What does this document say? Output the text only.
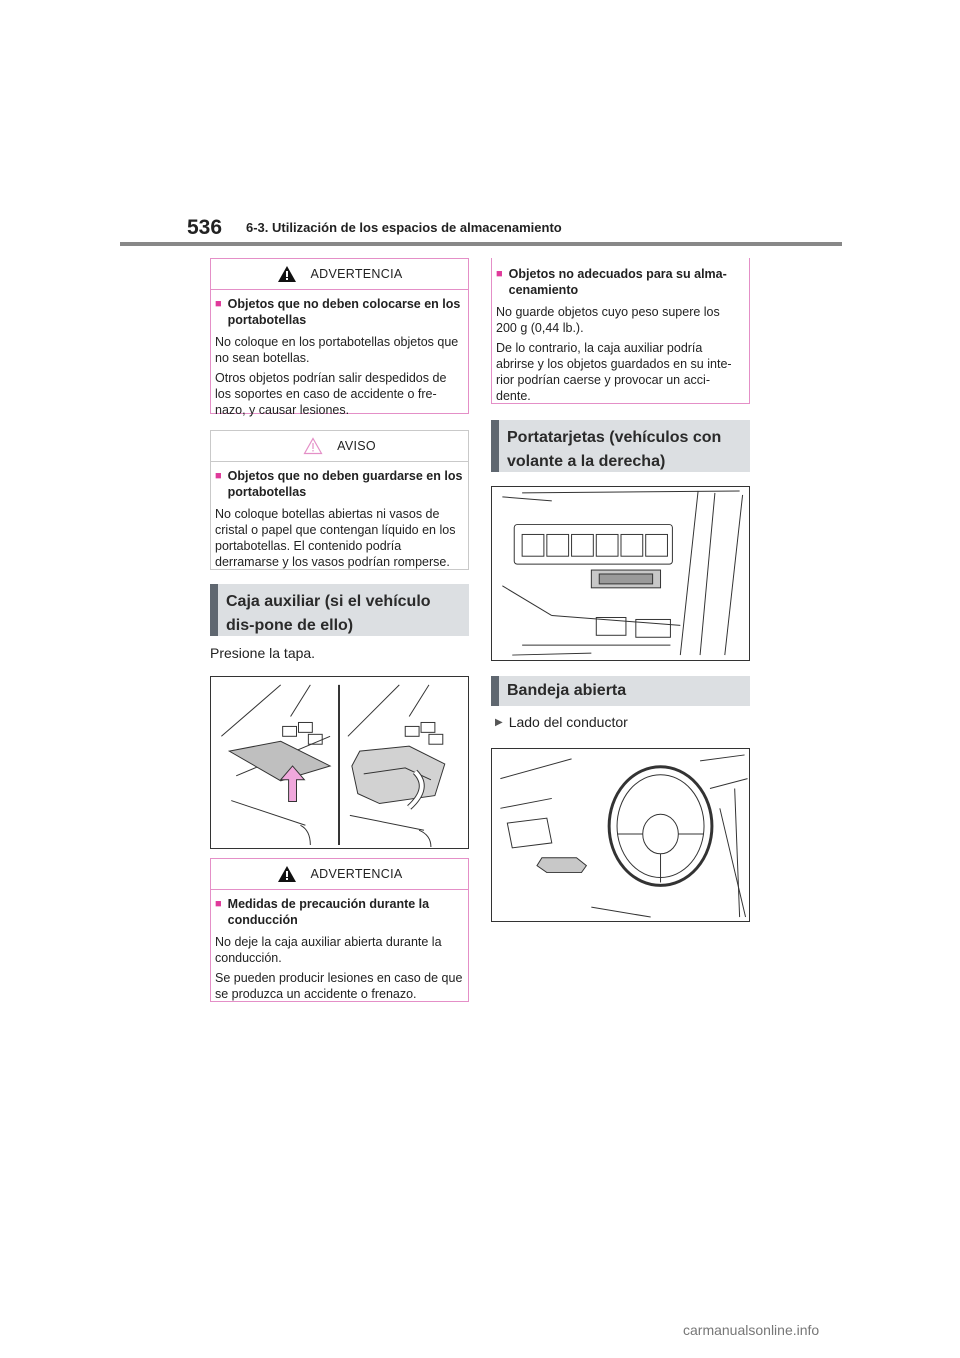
536 6-3. Utilización de los espacios de almacenamiento
ADVERTENCIA
■ Objetos que no deben colocarse en los portabotellas

No coloque en los portabotellas objetos que no sean botellas.

Otros objetos podrían salir despedidos de los soportes en caso de accidente o fre-nazo, y causar lesiones.

AVISO
■ Objetos que no deben guardarse en los portabotellas

No coloque botellas abiertas ni vasos de cristal o papel que contengan líquido en los portabotellas. El contenido podría derramarse y los vasos podrían romperse.

Caja auxiliar (si el vehículo dis-pone de ello)
Presione la tapa.
ADVERTENCIA
■ Medidas de precaución durante la conducción

No deje la caja auxiliar abierta durante la conducción.

Se pueden producir lesiones en caso de que se produzca un accidente o frenazo.

■ Objetos no adecuados para su alma-cenamiento

No guarde objetos cuyo peso supere los 200 g (0,44 lb.).

De lo contrario, la caja auxiliar podría abrirse y los objetos guardados en su inte-rior podrían caerse y provocar un acci-dente.

Portatarjetas (vehículos con volante a la derecha)
Bandeja abierta
▶ Lado del conductor
carmanualsonline.info
